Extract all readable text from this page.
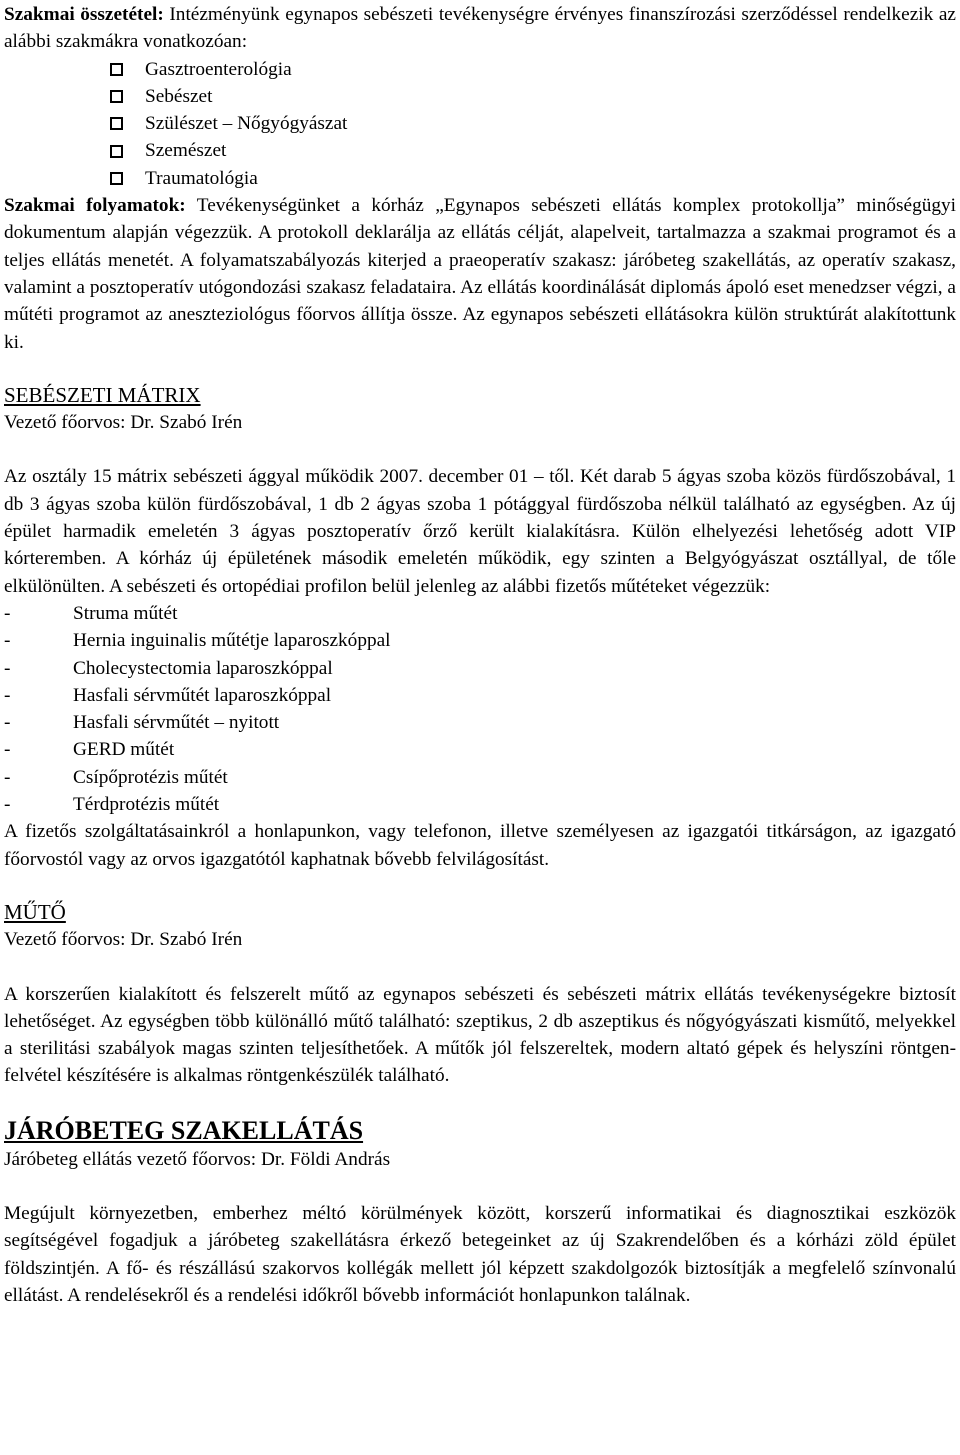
Szakmai összetétel: Intézményünk egynapos sebészeti tevékenységre érvényes finanszírozási szerződéssel rendelkezik az alábbi szakmákra vonatkozóan:

Gasztroenterológia
Sebészet
Szülészet – Nőgyógyászat
Szemészet
Traumatológia

Szakmai folyamatok: Tevékenységünket a kórház „Egynapos sebészeti ellátás komplex protokollja” minőségügyi dokumentum alapján végezzük. A protokoll deklarálja az ellátás célját, alapelveit, tartalmazza a szakmai programot és a teljes ellátás menetét. A folyamatszabályozás kiterjed a praeoperatív szakasz: járóbeteg szakellátás, az operatív szakasz, valamint a posztoperatív utógondozási szakasz feladataira. Az ellátás koordinálását diplomás ápoló eset menedzser végzi, a műtéti programot az aneszteziológus főorvos állítja össze. Az egynapos sebészeti ellátásokra külön struktúrát alakítottunk ki.

SEBÉSZETI MÁTRIX

Vezető főorvos: Dr. Szabó Irén

Az osztály 15 mátrix sebészeti ággyal működik 2007. december 01 – től. Két darab 5 ágyas szoba közös fürdőszobával, 1 db 3 ágyas szoba külön fürdőszobával, 1 db 2 ágyas szoba 1 pótággyal fürdőszoba nélkül található az egységben. Az új épület harmadik emeletén 3 ágyas posztoperatív őrző került kialakításra. Külön elhelyezési lehetőség adott VIP kórteremben. A kórház új épületének második emeletén működik, egy szinten a Belgyógyászat osztállyal, de tőle elkülönülten. A sebészeti és ortopédiai profilon belül jelenleg az alábbi fizetős műtéteket végezzük:

-	Struma műtét
-	Hernia inguinalis műtétje laparoszkóppal
-	Cholecystectomia laparoszkóppal
-	Hasfali sérvműtét laparoszkóppal
-	Hasfali sérvműtét – nyitott
-	GERD műtét
-	Csípőprotézis műtét
-	Térdprotézis műtét

A fizetős szolgáltatásainkról a honlapunkon, vagy telefonon, illetve személyesen az igazgatói titkárságon, az igazgató főorvostól vagy az orvos igazgatótól kaphatnak bővebb felvilágosítást.

MŰTŐ

Vezető főorvos: Dr. Szabó Irén

A korszerűen kialakított és felszerelt műtő az egynapos sebészeti és sebészeti mátrix ellátás tevékenységekre biztosít lehetőséget. Az egységben több különálló műtő található: szeptikus, 2 db aszeptikus és nőgyógyászati kisműtő, melyekkel a sterilitási szabályok magas szinten teljesíthetőek. A műtők jól felszereltek, modern altató gépek és helyszíni röntgen-felvétel készítésére is alkalmas röntgenkészülék található.

JÁRÓBETEG SZAKELLÁTÁS

Járóbeteg ellátás vezető főorvos: Dr. Földi András

Megújult környezetben, emberhez méltó körülmények között, korszerű informatikai és diagnosztikai eszközök segítségével fogadjuk a járóbeteg szakellátásra érkező betegeinket az új Szakrendelőben és a kórházi zöld épület földszintjén. A fő- és részállású szakorvos kollégák mellett jól képzett szakdolgozók biztosítják a megfelelő színvonalú ellátást. A rendelésekről és a rendelési időkről bővebb információt honlapunkon találnak.
